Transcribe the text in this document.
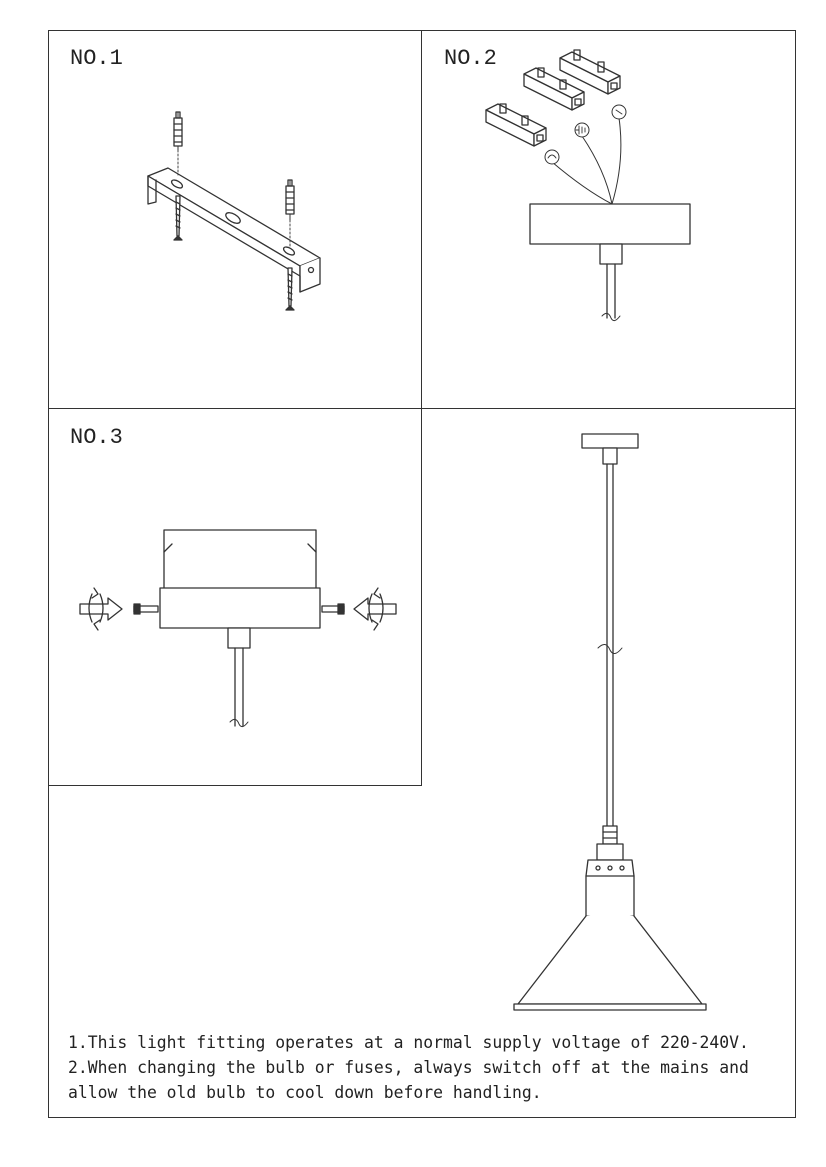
NO.1	NO.2
NO.3

1.This light fitting operates at a normal supply voltage of 220-240V.

2.When changing the bulb or fuses, always switch off at the mains and

allow the old bulb to cool down before handling.
